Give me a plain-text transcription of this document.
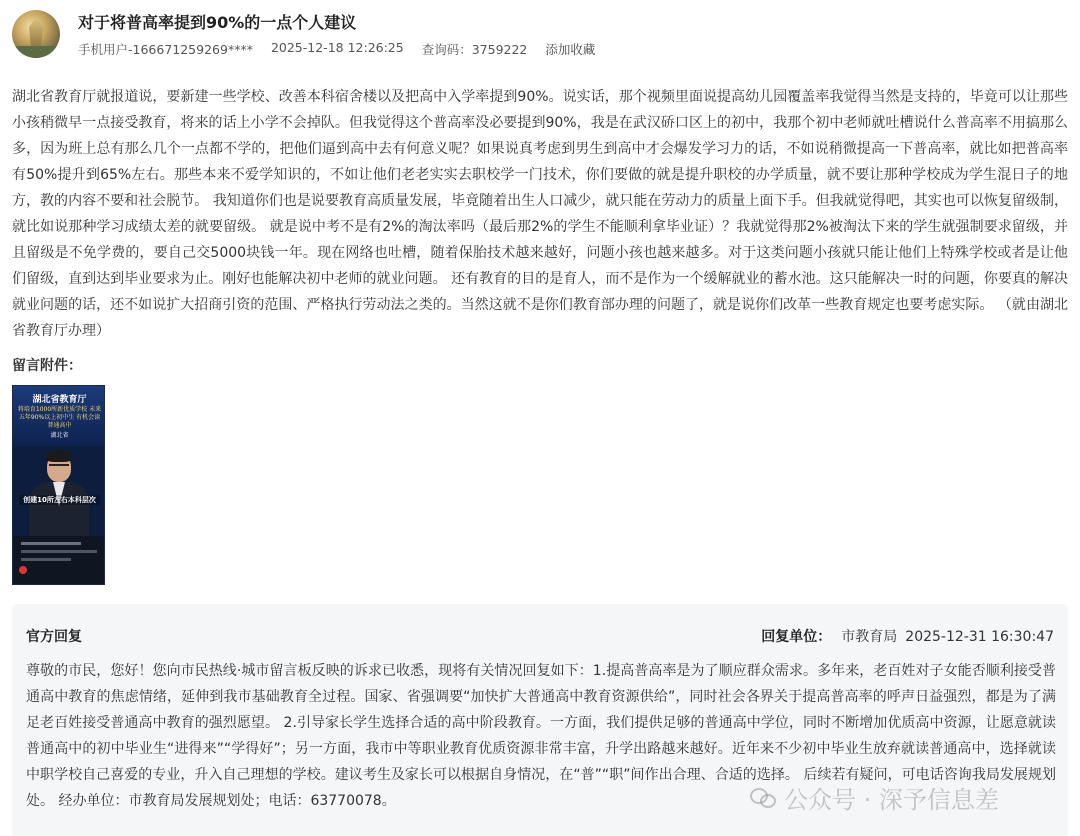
对于将普高率提到90%的一点个人建议
手机用户-166671259269**** 2025-12-18 12:26:25 查询码：3759222 添加收藏
湖北省教育厅就报道说，要新建一些学校、改善本科宿舍楼以及把高中入学率提到90%。说实话，那个视频里面说提高幼儿园覆盖率我觉得当然是支持的，毕竟可以让那些小孩稍微早一点接受教育，将来的话上小学不会掉队。但我觉得这个普高率没必要提到90%，我是在武汉硚口区上的初中，我那个初中老师就吐槽说什么普高率不用搞那么多，因为班上总有那么几个一点都不学的，把他们逼到高中去有何意义呢？如果说真考虑到男生到高中才会爆发学习力的话，不如说稍微提高一下普高率，就比如把普高率有50%提升到65%左右。那些本来不爱学知识的，不如让他们老老实实去职校学一门技术，你们要做的就是提升职校的办学质量，就不要让那种学校成为学生混日子的地方，教的内容不要和社会脱节。 我知道你们也是说要教育高质量发展，毕竟随着出生人口减少，就只能在劳动力的质量上面下手。但我就觉得吧，其实也可以恢复留级制，就比如说那种学习成绩太差的就要留级。 就是说中考不是有2%的淘汰率吗（最后那2%的学生不能顺利拿毕业证）？我就觉得那2%被淘汰下来的学生就强制要求留级，并且留级是不免学费的，要自己交5000块钱一年。现在网络也吐槽，随着保胎技术越来越好，问题小孩也越来越多。对于这类问题小孩就只能让他们上特殊学校或者是让他们留级，直到达到毕业要求为止。刚好也能解决初中老师的就业问题。 还有教育的目的是育人，而不是作为一个缓解就业的蓄水池。这只能解决一时的问题，你要真的解决就业问题的话，还不如说扩大招商引资的范围、严格执行劳动法之类的。当然这就不是你们教育部办理的问题了，就是说你们改革一些教育规定也要考虑实际。 （就由湖北省教育厅办理）
留言附件：
湖北省教育厅
将培育1000所新优质学校 未来五年90%以上初中生 有机会读普通高中
湖北省
创建10所左右本科层次
官方回复	回复单位： 市教育局 2025-12-31 16:30:47
尊敬的市民，您好！您向市民热线·城市留言板反映的诉求已收悉，现将有关情况回复如下：1.提高普高率是为了顺应群众需求。多年来，老百姓对子女能否顺利接受普通高中教育的焦虑情绪，延伸到我市基础教育全过程。国家、省强调要“加快扩大普通高中教育资源供给”，同时社会各界关于提高普高率的呼声日益强烈，都是为了满足老百姓接受普通高中教育的强烈愿望。 2.引导家长学生选择合适的高中阶段教育。一方面，我们提供足够的普通高中学位，同时不断增加优质高中资源，让愿意就读普通高中的初中毕业生“进得来”“学得好”；另一方面，我市中等职业教育优质资源非常丰富，升学出路越来越好。近年来不少初中毕业生放弃就读普通高中，选择就读中职学校自己喜爱的专业，升入自己理想的学校。建议考生及家长可以根据自身情况，在“普”“职”间作出合理、合适的选择。 后续若有疑问，可电话咨询我局发展规划处。 经办单位：市教育局发展规划处；电话：63770078。	公众号 · 深予信息差
